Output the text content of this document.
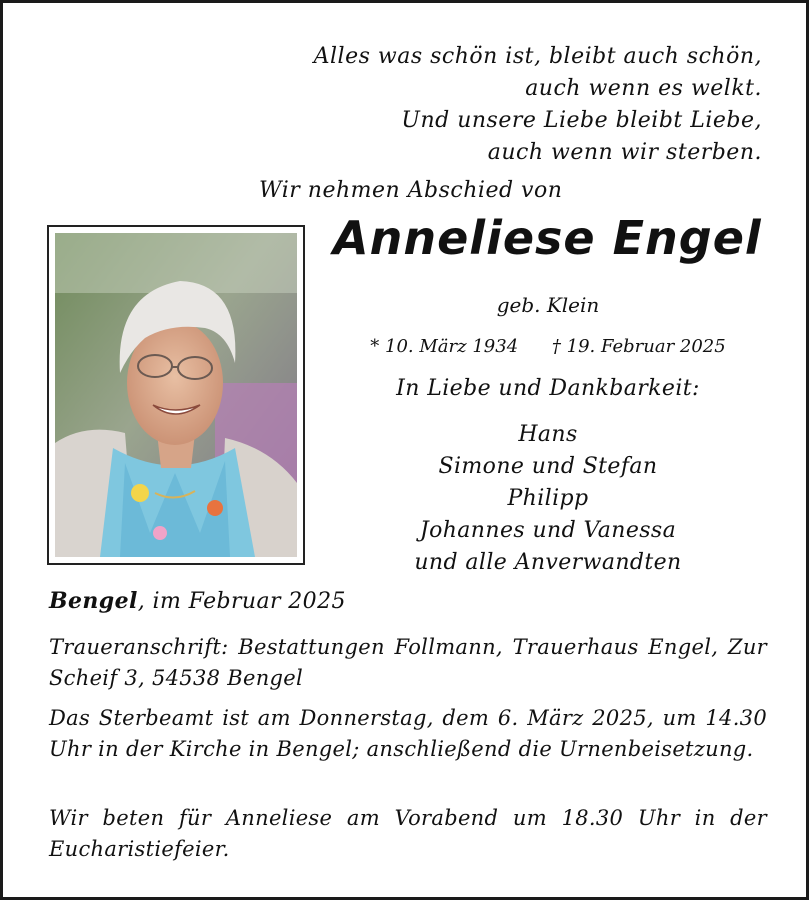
Alles was schön ist, bleibt auch schön,
auch wenn es welkt.
Und unsere Liebe bleibt Liebe,
auch wenn wir sterben.
Wir nehmen Abschied von
Anneliese Engel
geb. Klein
* 10. März 1934 † 19. Februar 2025
In Liebe und Dankbarkeit:
Hans
Simone und Stefan
Philipp
Johannes und Vanessa
und alle Anverwandten
Bengel, im Februar 2025
Traueranschrift: Bestattungen Follmann, Trauerhaus Engel, Zur Scheif 3, 54538 Bengel
Das Sterbeamt ist am Donnerstag, dem 6. März 2025, um 14.30 Uhr in der Kirche in Bengel; anschließend die Urnenbeisetzung.
Wir beten für Anneliese am Vorabend um 18.30 Uhr in der Eucharistiefeier.
